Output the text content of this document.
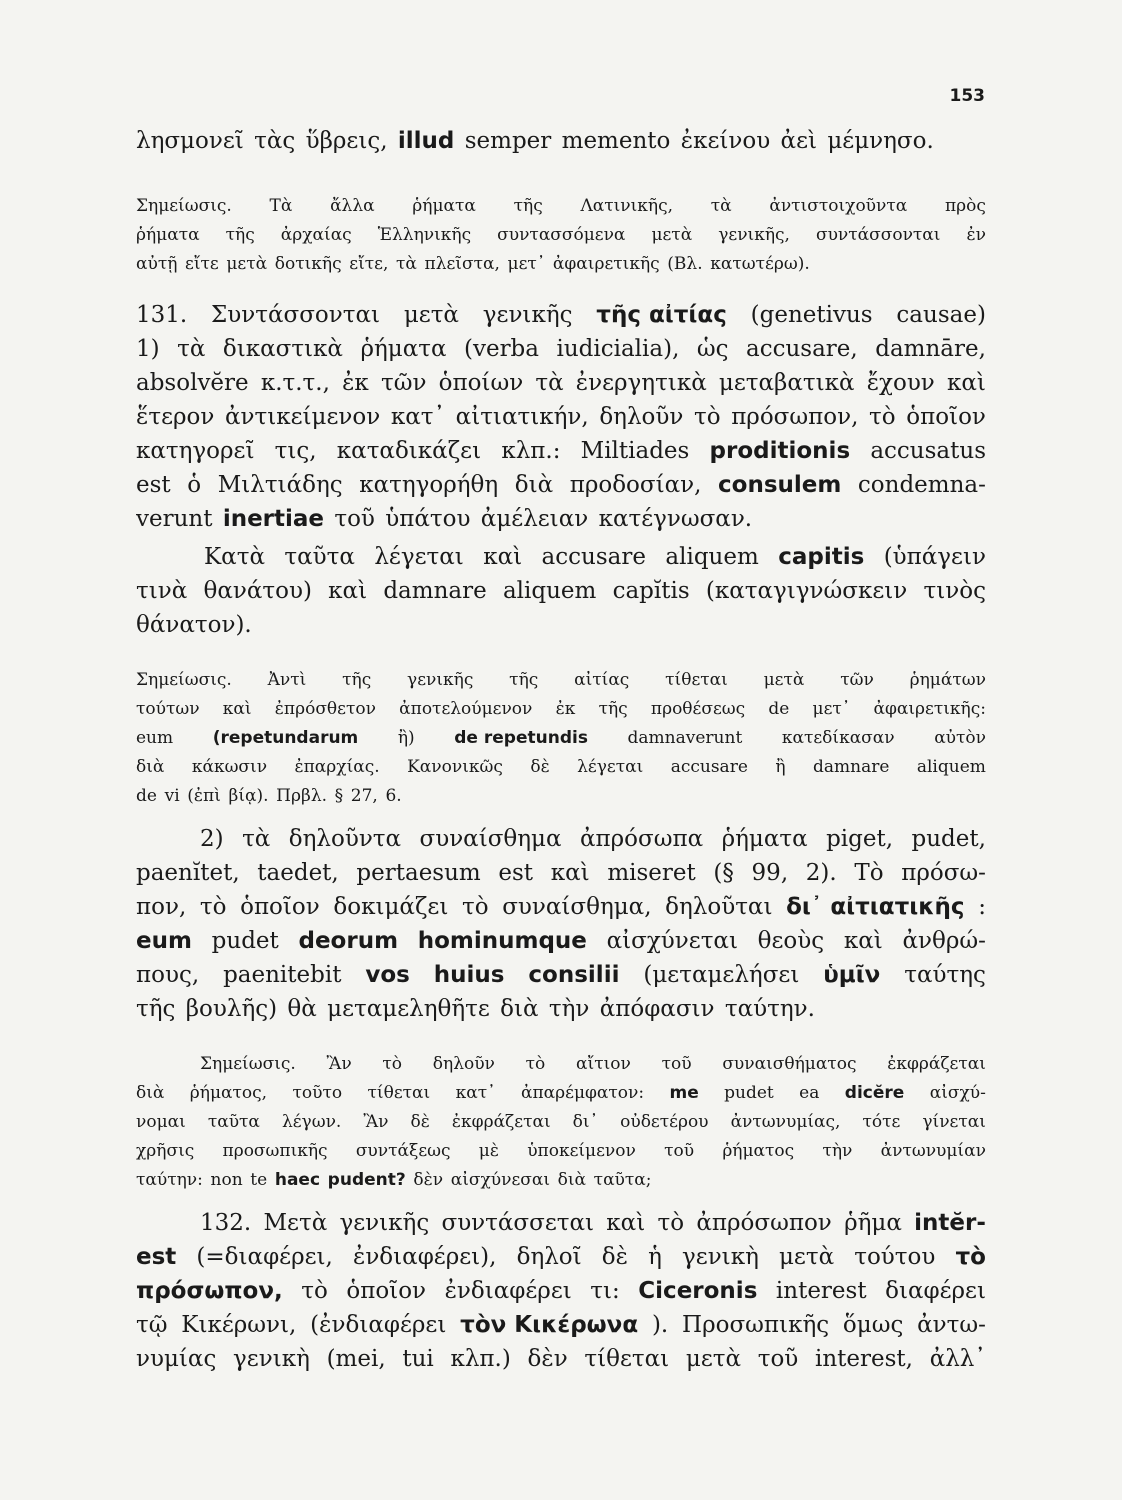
153
λησμονεῖ τὰς ὕβρεις, illud semper memento ἐκείνου ἀεὶ μέμνησο.
Σημείωσις. Τὰ ἄλλα ῥήματα τῆς Λατινικῆς, τὰ ἀντιστοιχοῦντα πρὸς
ῥήματα τῆς ἀρχαίας Ἑλληνικῆς συντασσόμενα μετὰ γενικῆς, συντάσσονται ἐν
αὐτῇ εἴτε μετὰ δοτικῆς εἴτε, τὰ πλεῖστα, μετ᾿ ἀφαιρετικῆς (Βλ. κατωτέρω).
131. Συντάσσονται μετὰ γενικῆς τῆς αἰτίας (genetivus causae)
1) τὰ δικαστικὰ ῥήματα (verba iudicialia), ὡς accusare, damnāre,
absolvĕre κ.τ.τ., ἐκ τῶν ὁποίων τὰ ἐνεργητικὰ μεταβατικὰ ἔχουν καὶ
ἕτερον ἀντικείμενον κατ᾿ αἰτιατικήν, δηλοῦν τὸ πρόσωπον, τὸ ὁποῖον
κατηγορεῖ τις, καταδικάζει κλπ.: Miltiades proditionis accusatus
est ὁ Μιλτιάδης κατηγορήθη διὰ προδοσίαν, consulem condemna-
verunt inertiae τοῦ ὑπάτου ἀμέλειαν κατέγνωσαν.
Κατὰ ταῦτα λέγεται καὶ accusare aliquem capitis (ὑπάγειν
τινὰ θανάτου) καὶ damnare aliquem capĭtis (καταγιγνώσκειν τινὸς
θάνατον).
Σημείωσις. Ἀντὶ τῆς γενικῆς τῆς αἰτίας τίθεται μετὰ τῶν ῥημάτων
τούτων καὶ ἐπρόσθετον ἀποτελούμενον ἐκ τῆς προθέσεως de μετ᾿ ἀφαιρετικῆς:
eum (repetundarum ἢ) de repetundis damnaverunt κατεδίκασαν αὐτὸν
διὰ κάκωσιν ἐπαρχίας. Κανονικῶς δὲ λέγεται accusare ἢ damnare aliquem
de vi (ἐπὶ βίᾳ). Πρβλ. § 27, 6.
2) τὰ δηλοῦντα συναίσθημα ἀπρόσωπα ῥήματα piget, pudet,
paenĭtet, taedet, pertaesum est καὶ miseret (§ 99, 2). Τὸ πρόσω-
πον, τὸ ὁποῖον δοκιμάζει τὸ συναίσθημα, δηλοῦται δι᾿ αἰτιατικῆς :
eum pudet deorum hominumque αἰσχύνεται θεοὺς καὶ ἀνθρώ-
πους, paenitebit vos huius consilii (μεταμελήσει ὑμῖν ταύτης
τῆς βουλῆς) θὰ μεταμεληθῆτε διὰ τὴν ἀπόφασιν ταύτην.
Σημείωσις. Ἂν τὸ δηλοῦν τὸ αἴτιον τοῦ συναισθήματος ἐκφράζεται
διὰ ῥήματος, τοῦτο τίθεται κατ᾿ ἀπαρέμφατον: me pudet ea dicĕre αἰσχύ-
νομαι ταῦτα λέγων. Ἂν δὲ ἐκφράζεται δι᾿ οὐδετέρου ἀντωνυμίας, τότε γίνεται
χρῆσις προσωπικῆς συντάξεως μὲ ὑποκείμενον τοῦ ῥήματος τὴν ἀντωνυμίαν
ταύτην: non te haec pudent? δὲν αἰσχύνεσαι διὰ ταῦτα;
132. Μετὰ γενικῆς συντάσσεται καὶ τὸ ἀπρόσωπον ῥῆμα intĕr-
est (=διαφέρει, ἐνδιαφέρει), δηλοῖ δὲ ἡ γενικὴ μετὰ τούτου τὸ
πρόσωπον, τὸ ὁποῖον ἐνδιαφέρει τι: Ciceronis interest διαφέρει
τῷ Κικέρωνι, (ἐνδιαφέρει τὸν Κικέρωνα ). Προσωπικῆς ὅμως ἀντω-
νυμίας γενικὴ (mei, tui κλπ.) δὲν τίθεται μετὰ τοῦ interest, ἀλλ᾿
